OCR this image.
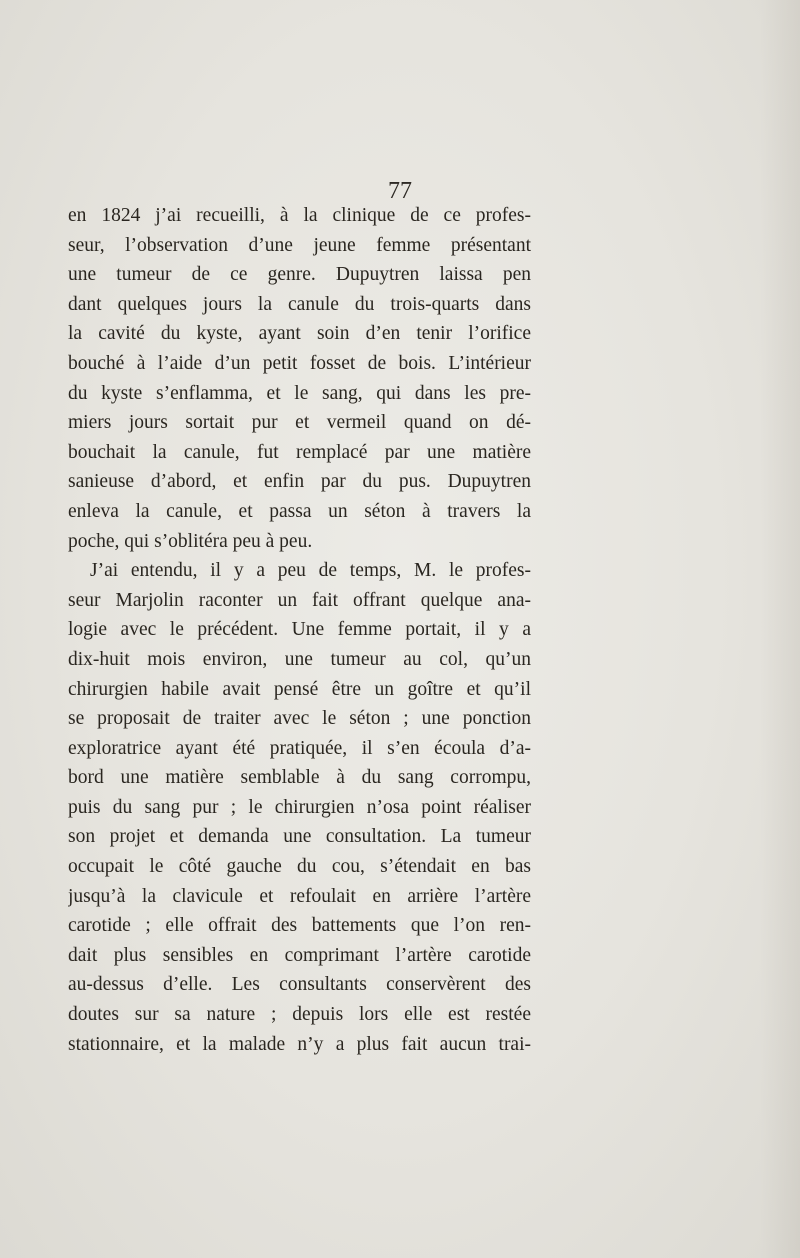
77

en 1824 j’ai recueilli, à la clinique de ce profes-
seur, l’observation d’une jeune femme présentant
une tumeur de ce genre. Dupuytren laissa pen
dant quelques jours la canule du trois-quarts dans
la cavité du kyste, ayant soin d’en tenir l’orifice
bouché à l’aide d’un petit fosset de bois. L’intérieur
du kyste s’enflamma, et le sang, qui dans les pre-
miers jours sortait pur et vermeil quand on dé-
bouchait la canule, fut remplacé par une matière
sanieuse d’abord, et enfin par du pus. Dupuytren
enleva la canule, et passa un séton à travers la
poche, qui s’oblitéra peu à peu.
J’ai entendu, il y a peu de temps, M. le profes-
seur Marjolin raconter un fait offrant quelque ana-
logie avec le précédent. Une femme portait, il y a
dix-huit mois environ, une tumeur au col, qu’un
chirurgien habile avait pensé être un goître et qu’il
se proposait de traiter avec le séton ; une ponction
exploratrice ayant été pratiquée, il s’en écoula d’a-
bord une matière semblable à du sang corrompu,
puis du sang pur ; le chirurgien n’osa point réaliser
son projet et demanda une consultation. La tumeur
occupait le côté gauche du cou, s’étendait en bas
jusqu’à la clavicule et refoulait en arrière l’artère
carotide ; elle offrait des battements que l’on ren-
dait plus sensibles en comprimant l’artère carotide
au-dessus d’elle. Les consultants conservèrent des
doutes sur sa nature ; depuis lors elle est restée
stationnaire, et la malade n’y a plus fait aucun trai-
